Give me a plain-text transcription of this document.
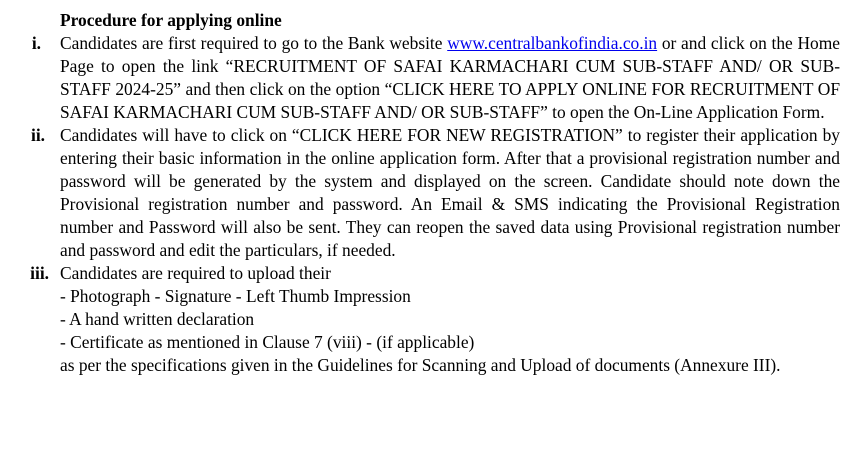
Procedure for applying online
i. Candidates are first required to go to the Bank website www.centralbankofindia.co.in or and click on the Home Page to open the link “RECRUITMENT OF SAFAI KARMACHARI CUM SUB-STAFF AND/ OR SUB-STAFF 2024-25” and then click on the option “CLICK HERE TO APPLY ONLINE FOR RECRUITMENT OF SAFAI KARMACHARI CUM SUB-STAFF AND/ OR SUB-STAFF” to open the On-Line Application Form.
ii. Candidates will have to click on “CLICK HERE FOR NEW REGISTRATION” to register their application by entering their basic information in the online application form. After that a provisional registration number and password will be generated by the system and displayed on the screen. Candidate should note down the Provisional registration number and password. An Email & SMS indicating the Provisional Registration number and Password will also be sent. They can reopen the saved data using Provisional registration number and password and edit the particulars, if needed.
iii. Candidates are required to upload their
- Photograph - Signature - Left Thumb Impression
- A hand written declaration
- Certificate as mentioned in Clause 7 (viii) - (if applicable)
as per the specifications given in the Guidelines for Scanning and Upload of documents (Annexure III).
